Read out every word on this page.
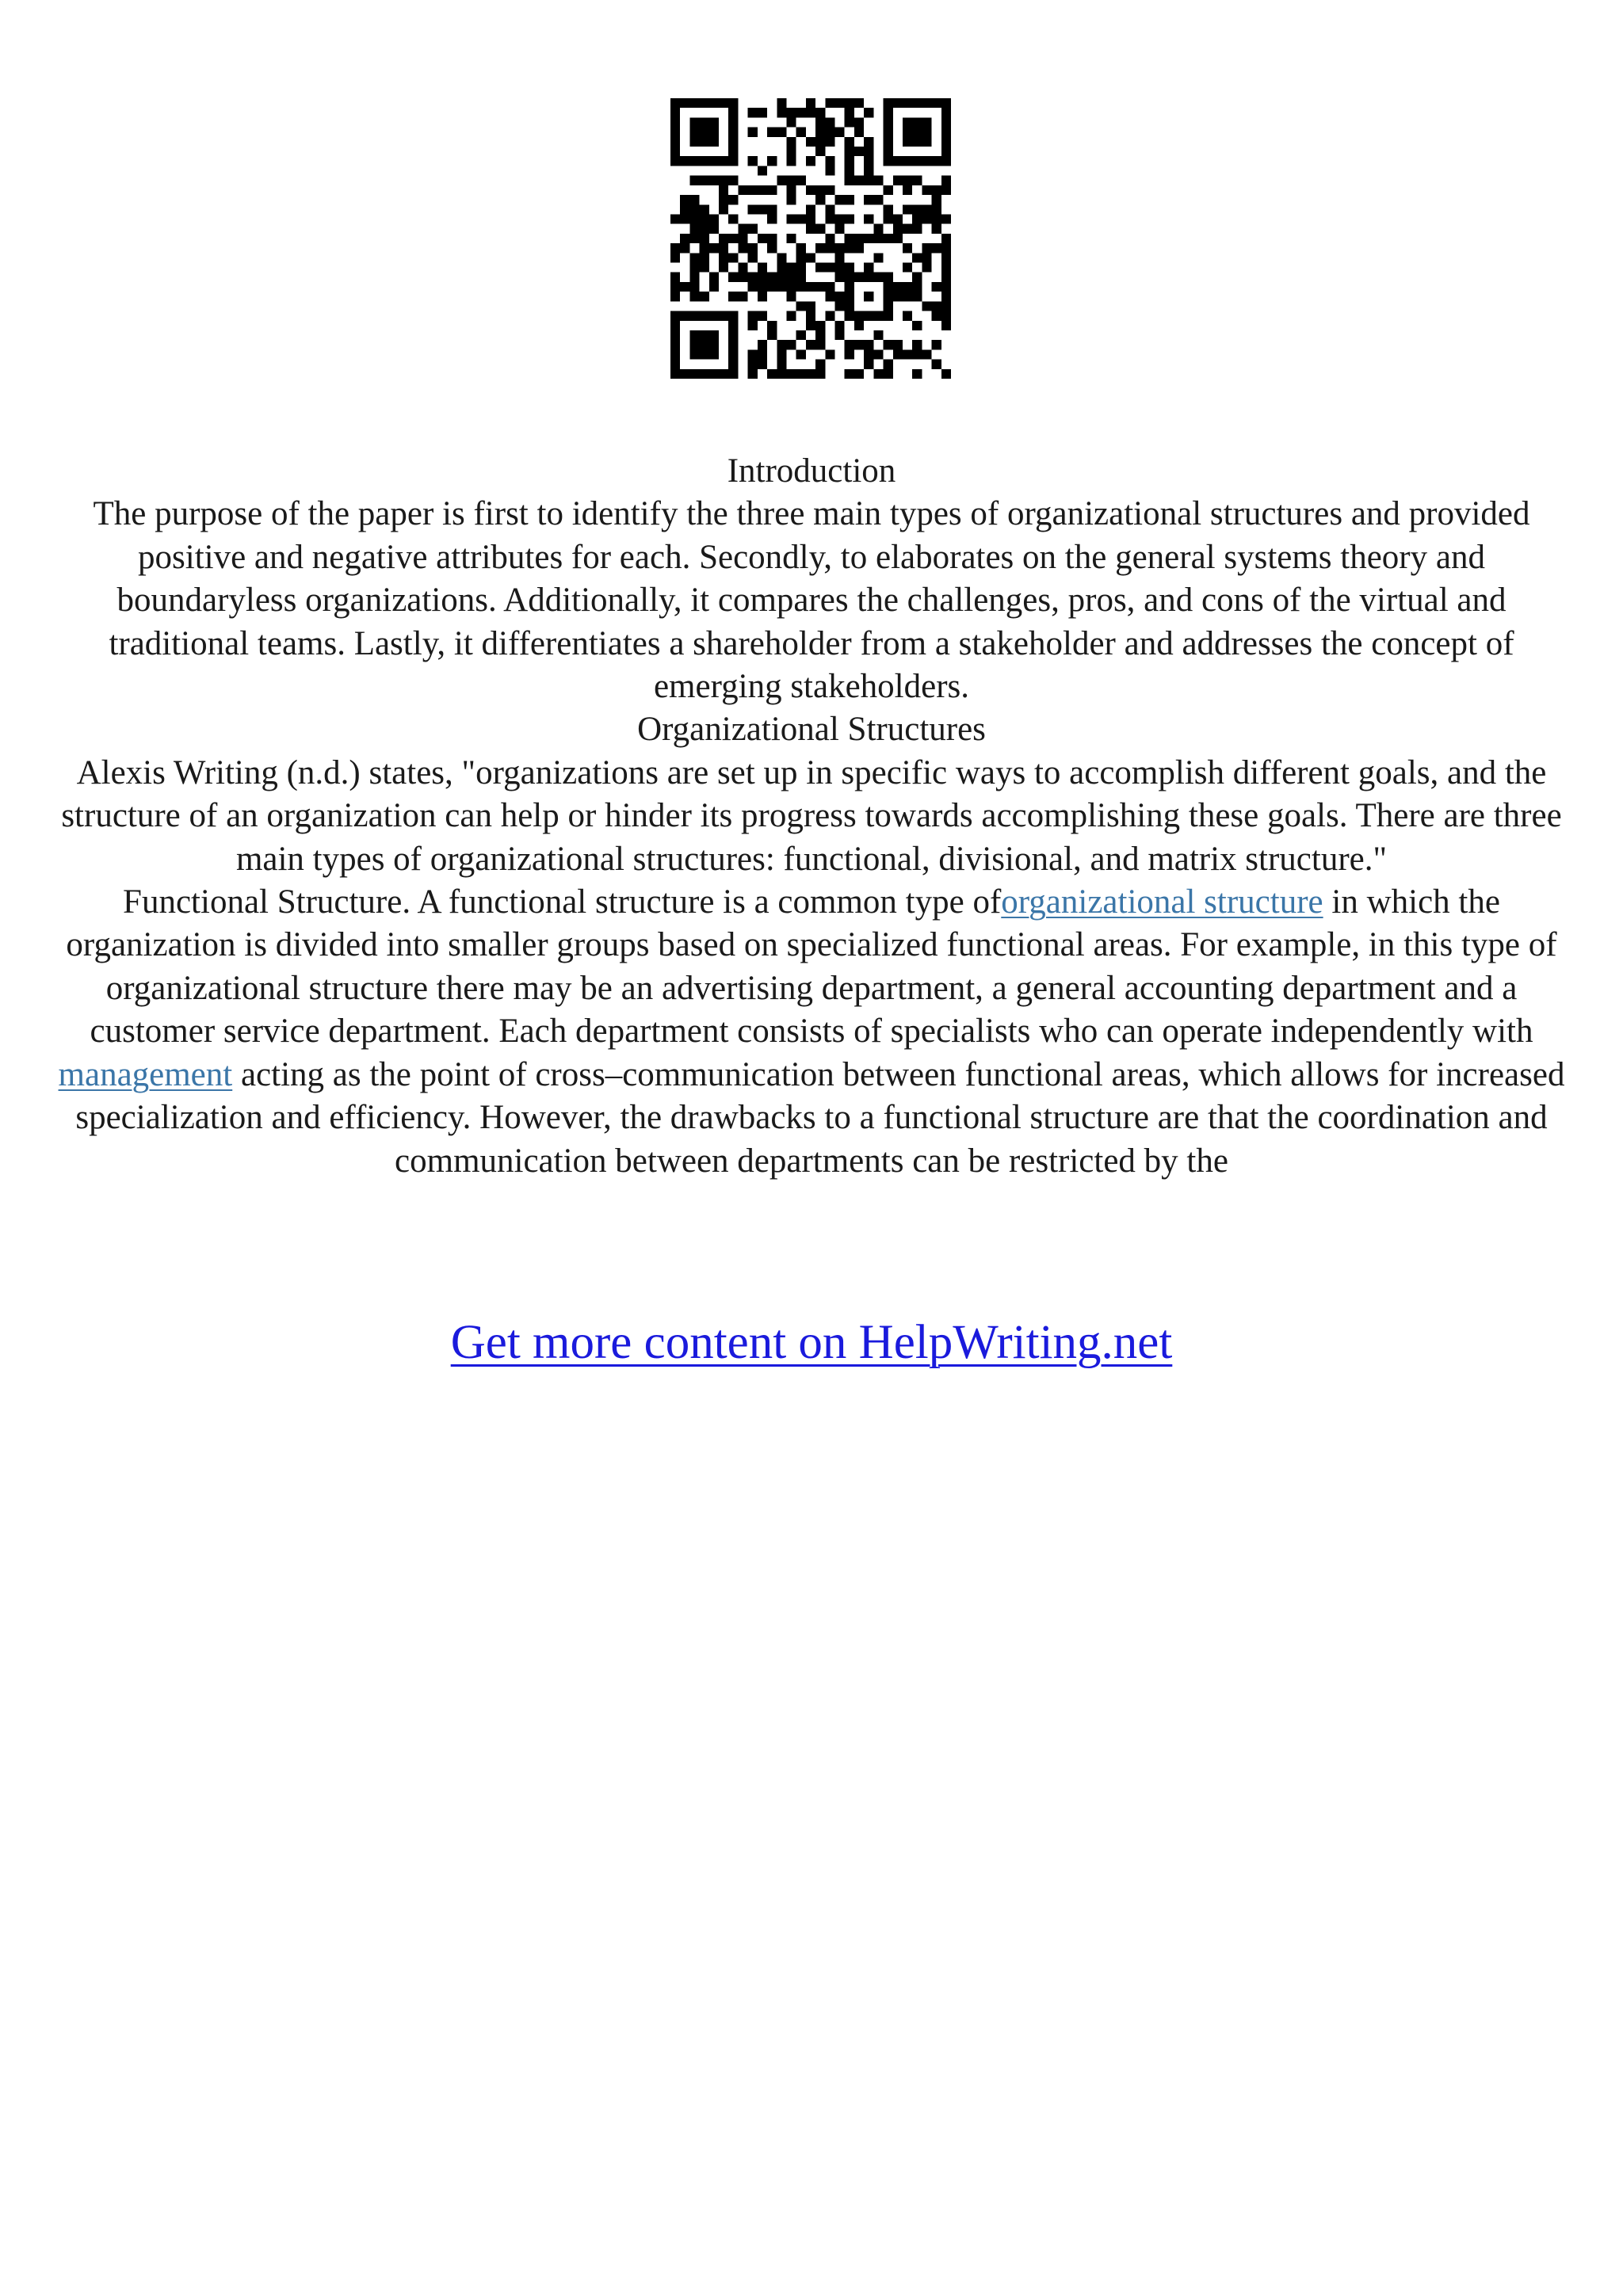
Introduction
The purpose of the paper is first to identify the three main types of organizational structures and provided positive and negative attributes for each. Secondly, to elaborates on the general systems theory and boundaryless organizations. Additionally, it compares the challenges, pros, and cons of the virtual and traditional teams. Lastly, it differentiates a shareholder from a stakeholder and addresses the concept of emerging stakeholders.
Organizational Structures
Alexis Writing (n.d.) states, "organizations are set up in specific ways to accomplish different goals, and the structure of an organization can help or hinder its progress towards accomplishing these goals. There are three main types of organizational structures: functional, divisional, and matrix structure."

Functional Structure. A functional structure is a common type oforganizational structure in which the organization is divided into smaller groups based on specialized functional areas. For example, in this type of organizational structure there may be an advertising department, a general accounting department and a customer service department. Each department consists of specialists who can operate independently with management acting as the point of cross–communication between functional areas, which allows for increased specialization and efficiency. However, the drawbacks to a functional structure are that the coordination and communication between departments can be restricted by the

Get more content on HelpWriting.net
